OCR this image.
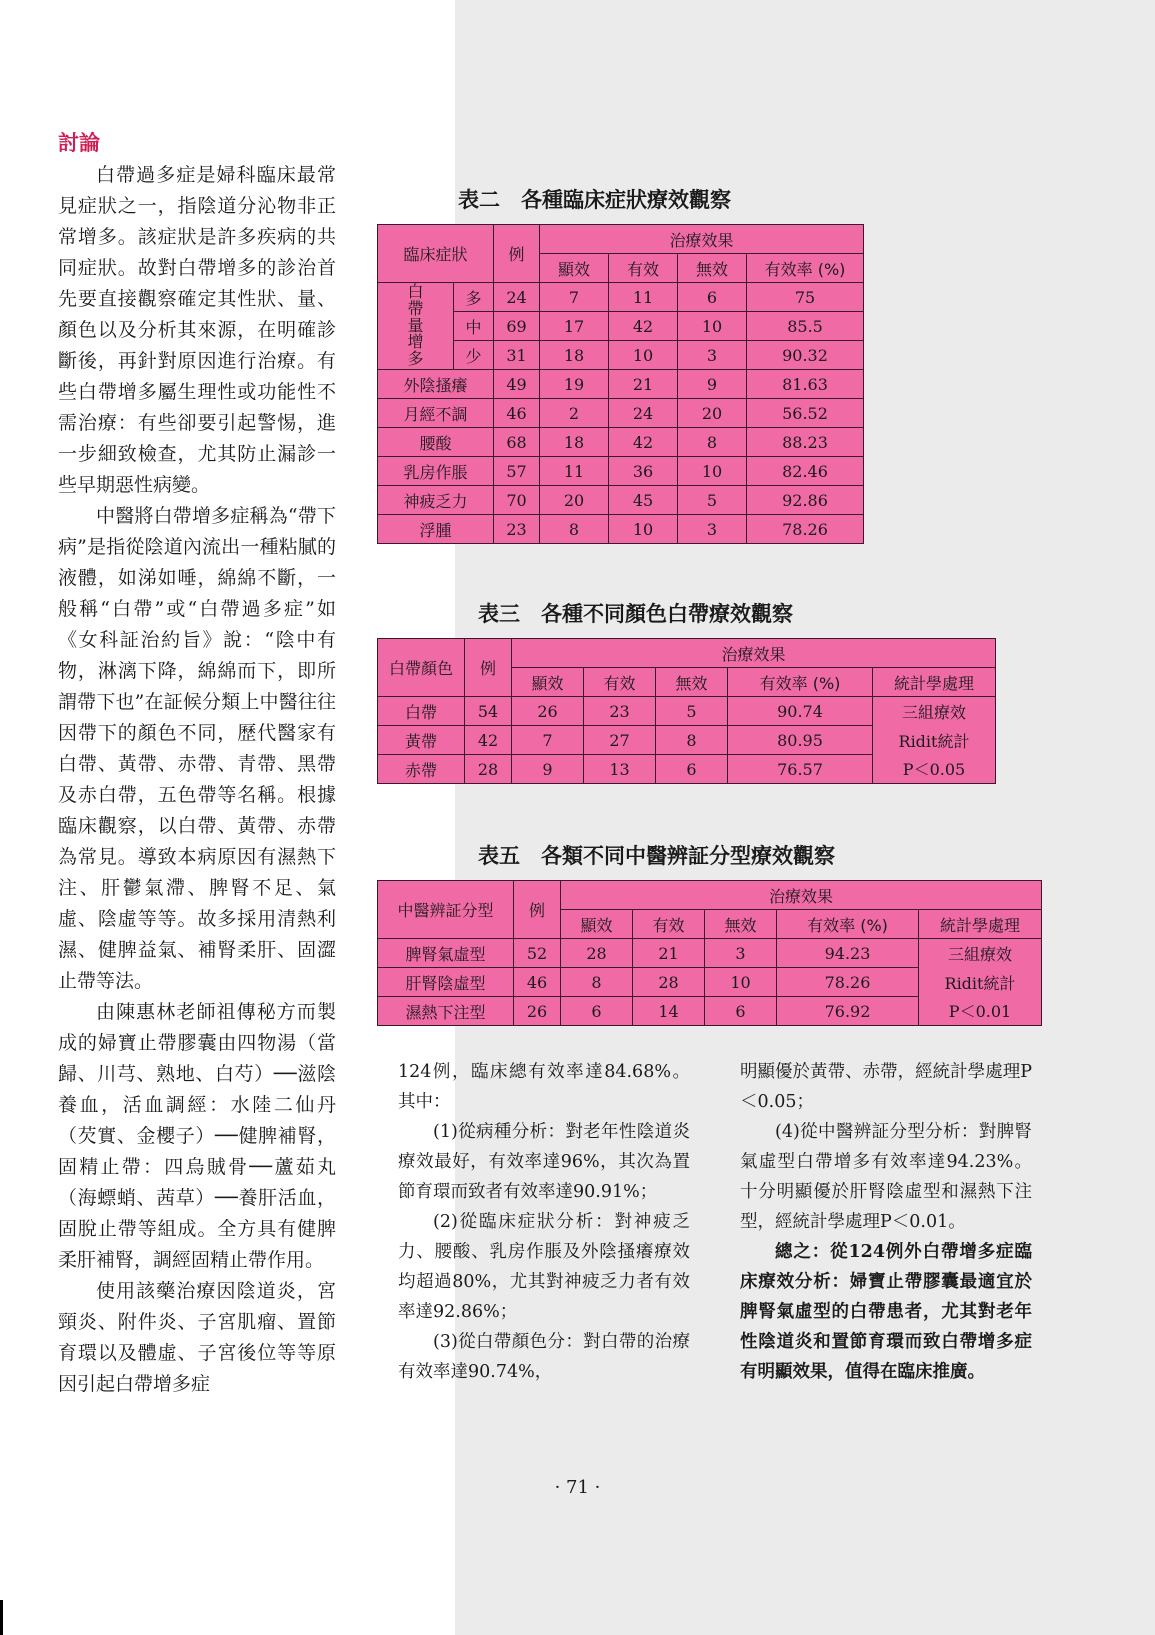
討論

白帶過多症是婦科臨床最常見症狀之一，指陰道分沁物非正常增多。該症狀是許多疾病的共同症狀。故對白帶增多的診治首先要直接觀察確定其性狀、量、顏色以及分析其來源，在明確診斷後，再針對原因進行治療。有些白帶增多屬生理性或功能性不需治療：有些卻要引起警惕，進一步細致檢查，尤其防止漏診一些早期惡性病變。

中醫將白帶增多症稱為“帶下病”是指從陰道內流出一種粘膩的液體，如涕如唾，綿綿不斷，一般稱“白帶”或“白帶過多症”如《女科証治約旨》說：“陰中有物，淋漓下降，綿綿而下，即所謂帶下也”在証候分類上中醫往往因帶下的顏色不同，歷代醫家有白帶、黃帶、赤帶、青帶、黑帶及赤白帶，五色帶等名稱。根據臨床觀察，以白帶、黃帶、赤帶為常見。導致本病原因有濕熱下注、肝鬱氣滯、脾腎不足、氣虛、陰虛等等。故多採用清熱利濕、健脾益氣、補腎柔肝、固澀止帶等法。

由陳惠林老師祖傳秘方而製成的婦寶止帶膠囊由四物湯（當歸、川芎、熟地、白芍）──滋陰養血，活血調經：水陸二仙丹（芡實、金櫻子）──健脾補腎，固精止帶：四烏賊骨──蘆茹丸（海螵蛸、茜草）──養肝活血，固脫止帶等組成。全方具有健脾柔肝補腎，調經固精止帶作用。

使用該藥治療因陰道炎，宮頸炎、附件炎、子宮肌瘤、置節育環以及體虛、子宮後位等等原因引起白帶增多症

表二　各種臨床症狀療效觀察
臨床症狀		例	治療效果			
			顯效	有效	無效	有效率 (%)
白帶量增多	多	24	7	11	6	75
	中	69	17	42	10	85.5
	少	31	18	10	3	90.32
外陰搔癢		49	19	21	9	81.63
月經不調		46	2	24	20	56.52
腰酸		68	18	42	8	88.23
乳房作脹		57	11	36	10	82.46
神疲乏力		70	20	45	5	92.86
浮腫		23	8	10	3	78.26
表三　各種不同顏色白帶療效觀察
白帶顏色	例	治療效果				
		顯效	有效	無效	有效率 (%)	統計學處理
白帶	54	26	23	5	90.74	三組療效
黃帶	42	7	27	8	80.95	Ridit統計
赤帶	28	9	13	6	76.57	P＜0.05
表五　各類不同中醫辨証分型療效觀察
中醫辨証分型	例	治療效果				
		顯效	有效	無效	有效率 (%)	統計學處理
脾腎氣虛型	52	28	21	3	94.23	三組療效
肝腎陰虛型	46	8	28	10	78.26	Ridit統計
濕熱下注型	26	6	14	6	76.92	P＜0.01

124例，臨床總有效率達84.68%。其中：

(1)從病種分析：對老年性陰道炎療效最好，有效率達96%，其次為置節育環而致者有效率達90.91%；

(2)從臨床症狀分析：對神疲乏力、腰酸、乳房作脹及外陰搔癢療效均超過80%，尤其對神疲乏力者有效率達92.86%；

(3)從白帶顏色分：對白帶的治療有效率達90.74%，

明顯優於黃帶、赤帶，經統計學處理P＜0.05；

(4)從中醫辨証分型分析：對脾腎氣虛型白帶增多有效率達94.23%。十分明顯優於肝腎陰虛型和濕熱下注型，經統計學處理P＜0.01。

總之：從124例外白帶增多症臨床療效分析：婦寶止帶膠囊最適宜於脾腎氣虛型的白帶患者，尤其對老年性陰道炎和置節育環而致白帶增多症有明顯效果，值得在臨床推廣。

· 71 ·
